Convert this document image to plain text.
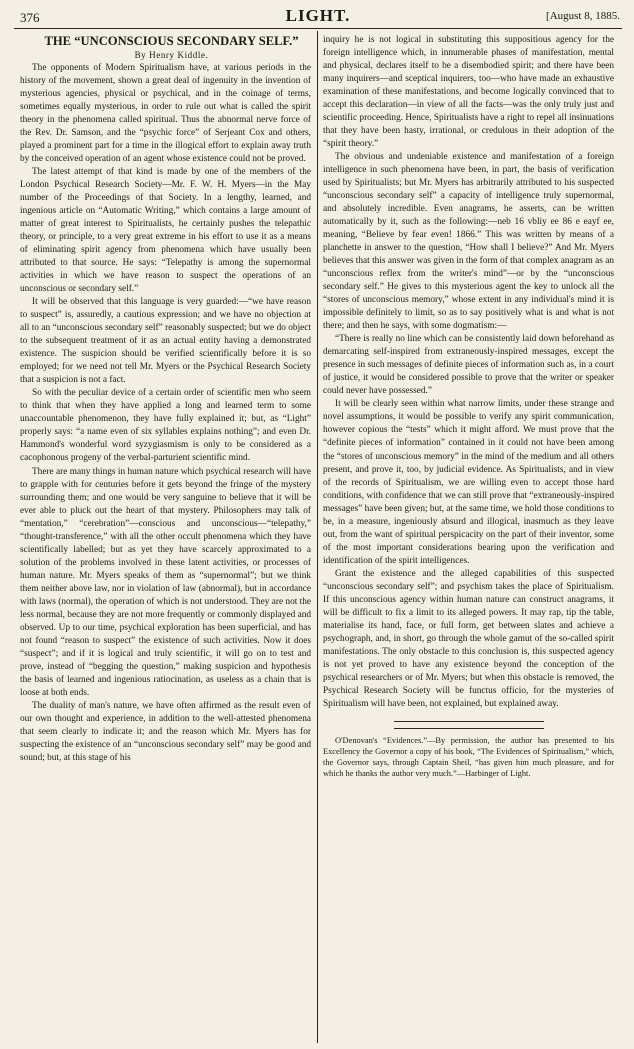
376	LIGHT.	[August 8, 1885.

THE “UNCONSCIOUS SECONDARY SELF.”

By Henry Kiddle.

The opponents of Modern Spiritualism have, at various periods in the history of the movement, shown a great deal of ingenuity in the invention of mysterious agencies, physical or psychical, and in the coinage of terms, sometimes equally mysterious, in order to rule out what is called the spirit theory in the phenomena called spiritual. Thus the abnormal nerve force of the Rev. Dr. Samson, and the “psychic force” of Serjeant Cox and others, played a prominent part for a time in the illogical effort to explain away truth by the conceived operation of an agent whose existence could not be proved.

The latest attempt of that kind is made by one of the members of the London Psychical Research Society—Mr. F. W. H. Myers—in the May number of the Proceedings of that Society. In a lengthy, learned, and ingenious article on “Automatic Writing,” which contains a large amount of matter of great interest to Spiritualists, he certainly pushes the telepathic theory, or principle, to a very great extreme in his effort to use it as a means of eliminating spirit agency from phenomena which have usually been attributed to that source. He says: “Telepathy is among the supernormal activities in which we have reason to suspect the operations of an unconscious or secondary self.”

It will be observed that this language is very guarded:—“we have reason to suspect” is, assuredly, a cautious expression; and we have no objection at all to an “unconscious secondary self” reasonably suspected; but we do object to the subsequent treatment of it as an actual entity having a demonstrated existence. The suspicion should be verified scientifically before it is so employed; for we need not tell Mr. Myers or the Psychical Research Society that a suspicion is not a fact.

So with the peculiar device of a certain order of scientific men who seem to think that when they have applied a long and learned term to some unaccountable phenomenon, they have fully explained it; but, as “Light” properly says: “a name even of six syllables explains nothing”; and even Dr. Hammond's wonderful word syzygiasmism is only to be considered as a cacophonous progeny of the verbal-parturient scientific mind.

There are many things in human nature which psychical research will have to grapple with for centuries before it gets beyond the fringe of the mystery surrounding them; and one would be very sanguine to believe that it will be ever able to pluck out the heart of that mystery. Philosophers may talk of “mentation,” “cerebration”—conscious and unconscious—“telepathy,” “thought-transference,” with all the other occult phenomena which they have scientifically labelled; but as yet they have scarcely approximated to a solution of the problems involved in these latent activities, or processes of human nature. Mr. Myers speaks of them as “supernormal”; but we think them neither above law, nor in violation of law (abnormal), but in accordance with laws (normal), the operation of which is not understood. They are not the less normal, because they are not more frequently or commonly displayed and observed. Up to our time, psychical exploration has been superficial, and has not found “reason to suspect” the existence of such activities. Now it does “suspect”; and if it is logical and truly scientific, it will go on to test and prove, instead of “begging the question,” making suspicion and hypothesis the basis of learned and ingenious ratiocination, as useless as a chain that is loose at both ends.

The duality of man's nature, we have often affirmed as the result even of our own thought and experience, in addition to the well-attested phenomena that seem clearly to indicate it; and the reason which Mr. Myers has for suspecting the existence of an “unconscious secondary self” may be good and sound; but, at this stage of his

inquiry he is not logical in substituting this suppositious agency for the foreign intelligence which, in innumerable phases of manifestation, mental and physical, declares itself to be a disembodied spirit; and there have been many inquirers—and sceptical inquirers, too—who have made an exhaustive examination of these manifestations, and become logically convinced that to accept this declaration—in view of all the facts—was the only truly just and scientific proceeding. Hence, Spiritualists have a right to repel all insinuations that they have been hasty, irrational, or credulous in their adoption of the “spirit theory.”

The obvious and undeniable existence and manifestation of a foreign intelligence in such phenomena have been, in part, the basis of verification used by Spiritualists; but Mr. Myers has arbitrarily attributed to his suspected “unconscious secondary self” a capacity of intelligence truly supernormal, and absolutely incredible. Even anagrams, he asserts, can be written automatically by it, such as the following:—neb 16 vbliy ee 86 e eayf ee, meaning, “Believe by fear even! 1866.” This was written by means of a planchette in answer to the question, “How shall I believe?” And Mr. Myers believes that this answer was given in the form of that complex anagram as an “unconscious reflex from the writer's mind”—or by the “unconscious secondary self.” He gives to this mysterious agent the key to unlock all the “stores of unconscious memory,” whose extent in any individual's mind it is impossible definitely to limit, so as to say positively what is and what is not there; and then he says, with some dogmatism:—

“There is really no line which can be consistently laid down beforehand as demarcating self-inspired from extraneously-inspired messages, except the presence in such messages of definite pieces of information such as, in a court of justice, it would be considered possible to prove that the writer or speaker could never have possessed.”

It will be clearly seen within what narrow limits, under these strange and novel assumptions, it would be possible to verify any spirit communication, however copious the “tests” which it might afford. We must prove that the “definite pieces of information” contained in it could not have been among the “stores of unconscious memory” in the mind of the medium and all others present, and prove it, too, by judicial evidence. As Spiritualists, and in view of the records of Spiritualism, we are willing even to accept those hard conditions, with confidence that we can still prove that “extraneously-inspired messages” have been given; but, at the same time, we hold those conditions to be, in a measure, ingeniously absurd and illogical, inasmuch as they leave out, from the want of spiritual perspicacity on the part of their inventor, some of the most important considerations bearing upon the verification and identification of the spirit intelligences.

Grant the existence and the alleged capabilities of this suspected “unconscious secondary self”; and psychism takes the place of Spiritualism. If this unconscious agency within human nature can construct anagrams, it will be difficult to fix a limit to its alleged powers. It may rap, tip the table, materialise its hand, face, or full form, get between slates and achieve a psychograph, and, in short, go through the whole gamut of the so-called spirit manifestations. The only obstacle to this conclusion is, this suspected agency is not yet proved to have any existence beyond the conception of the psychical researchers or of Mr. Myers; but when this obstacle is removed, the Psychical Research Society will be functus officio, for the mysteries of Spiritualism will have been, not explained, but explained away.

O'Denovan's “Evidences.”—By permission, the author has presented to his Excellency the Governor a copy of his book, “The Evidences of Spiritualism,” which, the Governor says, through Captain Sheil, “has given him much pleasure, and for which he thanks the author very much.”—Harbinger of Light.
